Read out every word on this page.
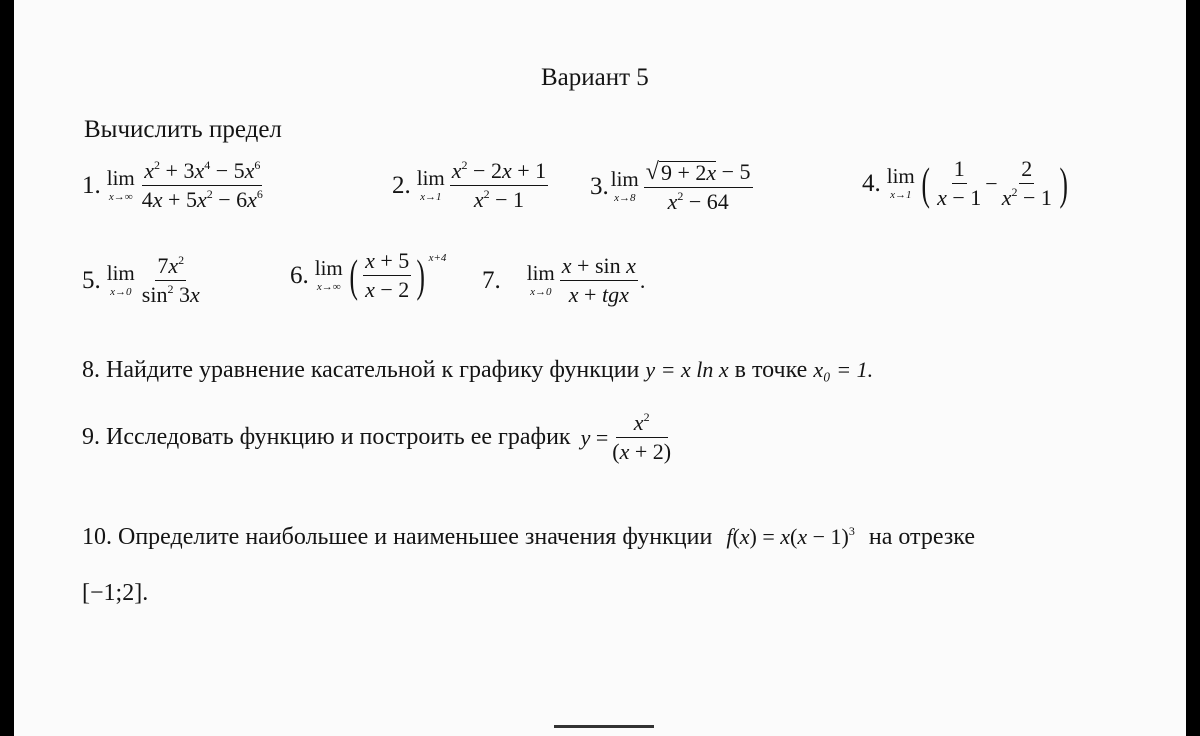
Вариант 5
Вычислить предел
1. lim
$x\to\infty \frac{x^2 + 3x^4 - 5x^6}{4x + 5x^2 - 6x^6}$	2. lim
$x\to 1 \frac{x^2 - 2x + 1}{x^2 - 1} 3$. lim
$x\to 8 \frac{√ 9 + 2x - 5}{x^2 - 64}$	4. lim
x→1 ( $\frac{1}{x - 1} - \frac{2}{x^2 - 1}$ )
5. lim
$x\to 0 \frac{7x^2}{\sin^2 3x}$	6. lim
x→∞ ( $\frac{x + 5}{x - 2}$ ) x+4
7. lim
$x\to 0 \frac{\text{x + sin x}}{\text{x + tgx}}$ .
8. Найдите уравнение касательной к графику функции y = x ln x в точке x₀ = 1.
9. Исследовать функцию и построить ее график $y = \frac{x^2}{(x + 2)}$
10. Определите наибольшее и наименьшее значения функции $f(x) = x(x - 1)^3$ на отрезке
[−1;2].
